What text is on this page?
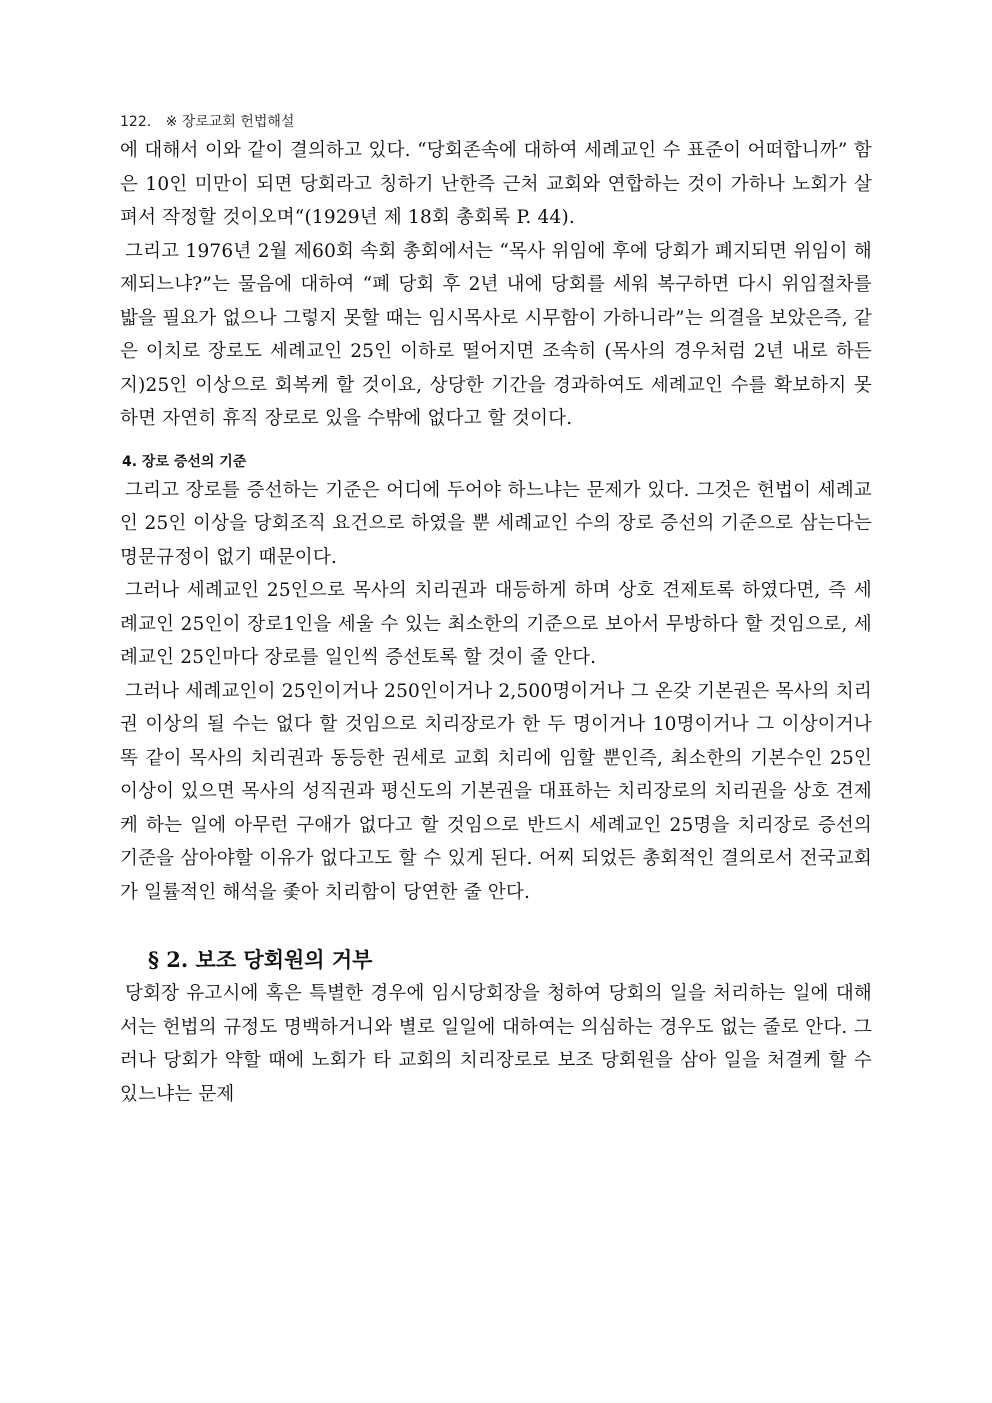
122. ※ 장로교회 헌법해설

에 대해서 이와 같이 결의하고 있다. “당회존속에 대하여 세례교인 수 표준이 어떠합니까” 함은 10인 미만이 되면 당회라고 칭하기 난한즉 근처 교회와 연합하는 것이 가하나 노회가 살펴서 작정할 것이오며“(1929년 제 18회 총회록 P. 44).

그리고 1976년 2월 제60회 속회 총회에서는 “목사 위임에 후에 당회가 폐지되면 위임이 해제되느냐?”는 물음에 대하여 “폐 당회 후 2년 내에 당회를 세워 복구하면 다시 위임절차를 밟을 필요가 없으나 그렇지 못할 때는 임시목사로 시무함이 가하니라”는 의결을 보았은즉, 같은 이치로 장로도 세례교인 25인 이하로 떨어지면 조속히 (목사의 경우처럼 2년 내로 하든지)25인 이상으로 회복케 할 것이요, 상당한 기간을 경과하여도 세례교인 수를 확보하지 못하면 자연히 휴직 장로로 있을 수밖에 없다고 할 것이다.

4. 장로 증선의 기준

그리고 장로를 증선하는 기준은 어디에 두어야 하느냐는 문제가 있다. 그것은 헌법이 세례교인 25인 이상을 당회조직 요건으로 하였을 뿐 세례교인 수의 장로 증선의 기준으로 삼는다는 명문규정이 없기 때문이다.

그러나 세례교인 25인으로 목사의 치리권과 대등하게 하며 상호 견제토록 하였다면, 즉 세례교인 25인이 장로1인을 세울 수 있는 최소한의 기준으로 보아서 무방하다 할 것임으로, 세례교인 25인마다 장로를 일인씩 증선토록 할 것이 줄 안다.

그러나 세례교인이 25인이거나 250인이거나 2,500명이거나 그 온갖 기본권은 목사의 치리권 이상의 될 수는 없다 할 것임으로 치리장로가 한 두 명이거나 10명이거나 그 이상이거나 똑 같이 목사의 치리권과 동등한 권세로 교회 치리에 임할 뿐인즉, 최소한의 기본수인 25인 이상이 있으면 목사의 성직권과 평신도의 기본권을 대표하는 치리장로의 치리권을 상호 견제케 하는 일에 아무런 구애가 없다고 할 것임으로 반드시 세례교인 25명을 치리장로 증선의 기준을 삼아야할 이유가 없다고도 할 수 있게 된다. 어찌 되었든 총회적인 결의로서 전국교회가 일률적인 해석을 좇아 치리함이 당연한 줄 안다.

§ 2. 보조 당회원의 거부

당회장 유고시에 혹은 특별한 경우에 임시당회장을 청하여 당회의 일을 처리하는 일에 대해서는 헌법의 규정도 명백하거니와 별로 일일에 대하여는 의심하는 경우도 없는 줄로 안다. 그러나 당회가 약할 때에 노회가 타 교회의 치리장로로 보조 당회원을 삼아 일을 처결케 할 수 있느냐는 문제
